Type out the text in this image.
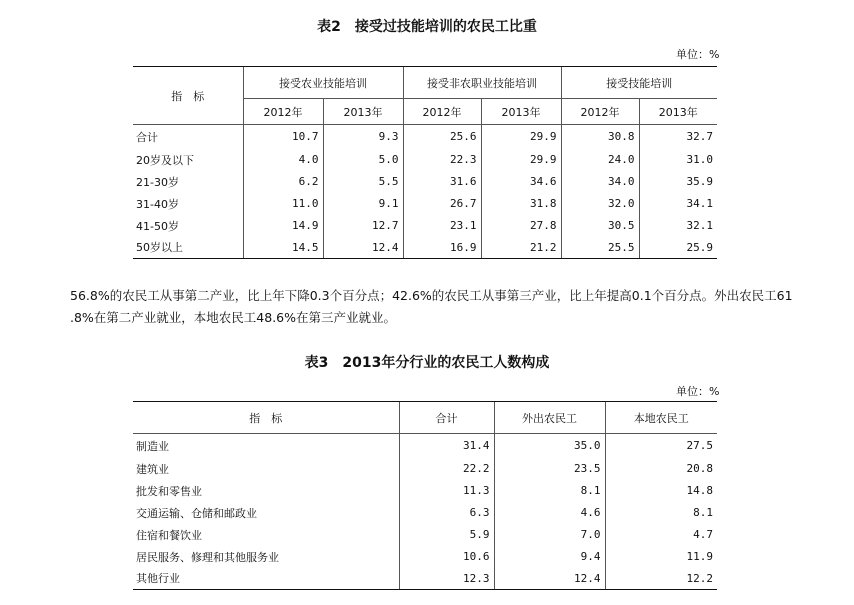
表2　接受过技能培训的农民工比重
单位：%
指　标	接受农业技能培训		接受非农职业技能培训		接受技能培训	
	2012年	2013年	2012年	2013年	2012年	2013年
合计	10.7	9.3	25.6	29.9	30.8	32.7
20岁及以下	4.0	5.0	22.3	29.9	24.0	31.0
21-30岁	6.2	5.5	31.6	34.6	34.0	35.9
31-40岁	11.0	9.1	26.7	31.8	32.0	34.1
41-50岁	14.9	12.7	23.1	27.8	30.5	32.1
50岁以上	14.5	12.4	16.9	21.2	25.5	25.9

56.8%的农民工从事第二产业，比上年下降0.3个百分点；42.6%的农民工从事第三产业，比上年提高0.1个百分点。外出农民工61

.8%在第二产业就业，本地农民工48.6%在第三产业就业。

表3　2013年分行业的农民工人数构成
单位：%
指　标	合计	外出农民工	本地农民工
制造业	31.4	35.0	27.5
建筑业	22.2	23.5	20.8
批发和零售业	11.3	8.1	14.8
交通运输、仓储和邮政业	6.3	4.6	8.1
住宿和餐饮业	5.9	7.0	4.7
居民服务、修理和其他服务业	10.6	9.4	11.9
其他行业	12.3	12.4	12.2
